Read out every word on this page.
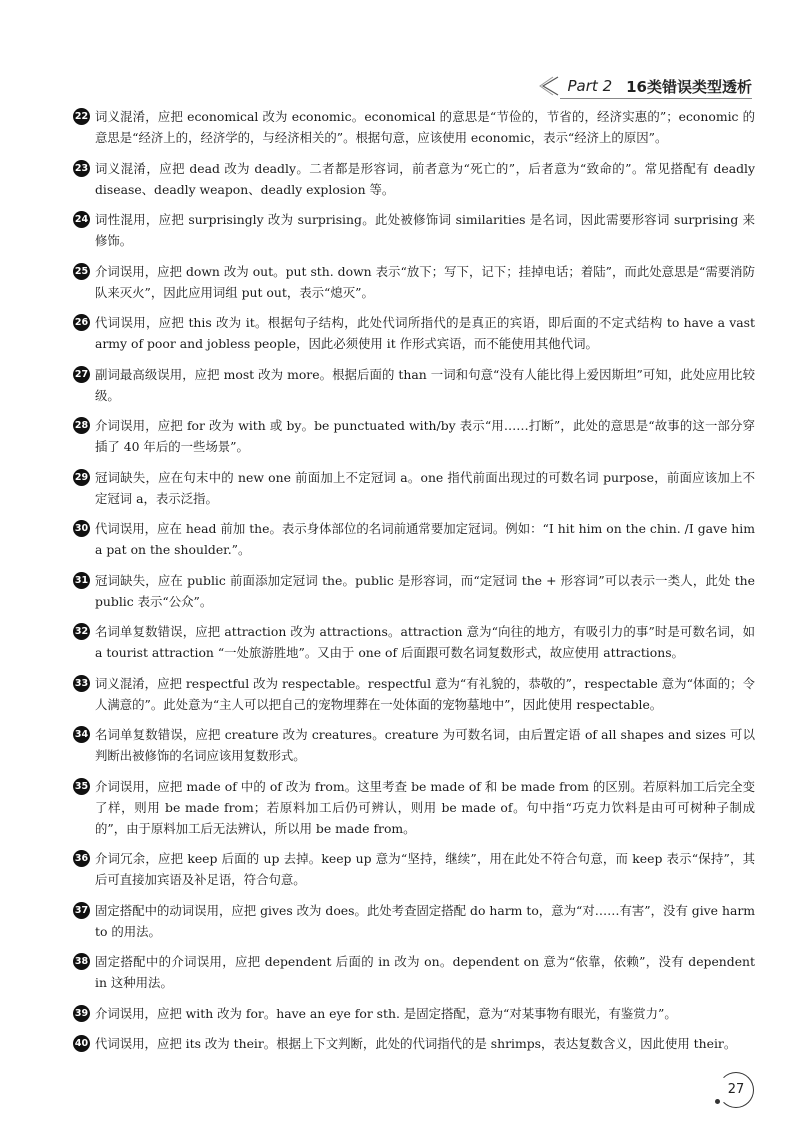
Part 2 16类错误类型透析
22 词义混淆，应把 economical 改为 economic。economical 的意思是“节俭的，节省的，经济实惠的”；economic 的意思是“经济上的，经济学的，与经济相关的”。根据句意，应该使用 economic，表示“经济上的原因”。
23 词义混淆，应把 dead 改为 deadly。二者都是形容词，前者意为“死亡的”，后者意为“致命的”。常见搭配有 deadly disease、deadly weapon、deadly explosion 等。
24 词性混用，应把 surprisingly 改为 surprising。此处被修饰词 similarities 是名词，因此需要形容词 surprising 来修饰。
25 介词误用，应把 down 改为 out。put sth. down 表示“放下；写下，记下；挂掉电话；着陆”，而此处意思是“需要消防队来灭火”，因此应用词组 put out，表示“熄灭”。
26 代词误用，应把 this 改为 it。根据句子结构，此处代词所指代的是真正的宾语，即后面的不定式结构 to have a vast army of poor and jobless people，因此必须使用 it 作形式宾语，而不能使用其他代词。
27 副词最高级误用，应把 most 改为 more。根据后面的 than 一词和句意“没有人能比得上爱因斯坦”可知，此处应用比较级。
28 介词误用，应把 for 改为 with 或 by。be punctuated with/by 表示“用……打断”，此处的意思是“故事的这一部分穿插了 40 年后的一些场景”。
29 冠词缺失，应在句末中的 new one 前面加上不定冠词 a。one 指代前面出现过的可数名词 purpose，前面应该加上不定冠词 a，表示泛指。
30 代词误用，应在 head 前加 the。表示身体部位的名词前通常要加定冠词。例如：“I hit him on the chin. /I gave him a pat on the shoulder.”。
31 冠词缺失，应在 public 前面添加定冠词 the。public 是形容词，而“定冠词 the + 形容词”可以表示一类人，此处 the public 表示“公众”。
32 名词单复数错误，应把 attraction 改为 attractions。attraction 意为“向往的地方，有吸引力的事”时是可数名词，如 a tourist attraction “一处旅游胜地”。又由于 one of 后面跟可数名词复数形式，故应使用 attractions。
33 词义混淆，应把 respectful 改为 respectable。respectful 意为“有礼貌的，恭敬的”，respectable 意为“体面的；令人满意的”。此处意为“主人可以把自己的宠物埋葬在一处体面的宠物墓地中”，因此使用 respectable。
34 名词单复数错误，应把 creature 改为 creatures。creature 为可数名词，由后置定语 of all shapes and sizes 可以判断出被修饰的名词应该用复数形式。
35 介词误用，应把 made of 中的 of 改为 from。这里考查 be made of 和 be made from 的区别。若原料加工后完全变了样，则用 be made from；若原料加工后仍可辨认，则用 be made of。句中指“巧克力饮料是由可可树种子制成的”，由于原料加工后无法辨认，所以用 be made from。
36 介词冗余，应把 keep 后面的 up 去掉。keep up 意为“坚持，继续”，用在此处不符合句意，而 keep 表示“保持”，其后可直接加宾语及补足语，符合句意。
37 固定搭配中的动词误用，应把 gives 改为 does。此处考查固定搭配 do harm to，意为“对……有害”，没有 give harm to 的用法。
38 固定搭配中的介词误用，应把 dependent 后面的 in 改为 on。dependent on 意为“依靠，依赖”，没有 dependent in 这种用法。
39 介词误用，应把 with 改为 for。have an eye for sth. 是固定搭配，意为“对某事物有眼光，有鉴赏力”。
40 代词误用，应把 its 改为 their。根据上下文判断，此处的代词指代的是 shrimps，表达复数含义，因此使用 their。
27
